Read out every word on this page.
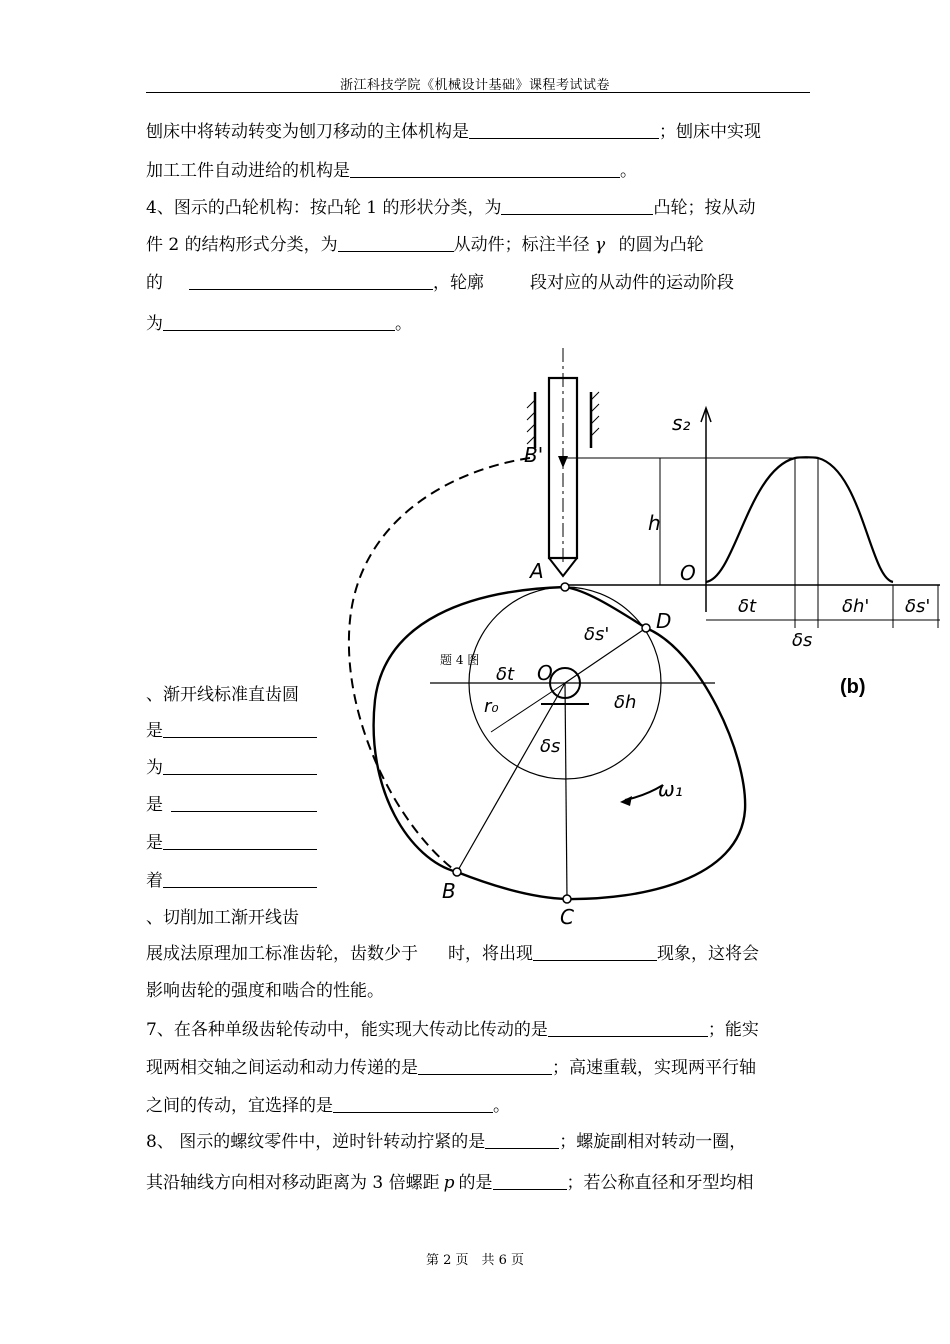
浙江科技学院《机械设计基础》课程考试试卷
刨床中将转动转变为刨刀移动的主体机构是	；刨床中实现
加工工件自动进给的机构是	。
4、图示的凸轮机构：按凸轮 1 的形状分类，为	凸轮；按从动
件 2 的结构形式分类，为	从动件；标注半径 γ 的圆为凸轮
的	，轮廓	段对应的从动件的运动阶段
为	。
s₂
B'
h
O
A
D
O
δs'
δt
r₀	δh
δs
ω₁
B
C
δt	δh' δs'
δs
(b)
题 4 图
、渐开线标准直齿圆
是
为
是
是
着
、切削加工渐开线齿
展成法原理加工标准齿轮，齿数少于 时，将出现	现象，这将会
影响齿轮的强度和啮合的性能。
7、在各种单级齿轮传动中，能实现大传动比传动的是	；能实
现两相交轴之间运动和动力传递的是	；高速重载，实现两平行轴
之间的传动，宜选择的是	。
8、 图示的螺纹零件中，逆时针转动拧紧的是	；螺旋副相对转动一圈，
其沿轴线方向相对移动距离为 3 倍螺距 p 的是	；若公称直径和牙型均相
第 2 页　共 6 页
